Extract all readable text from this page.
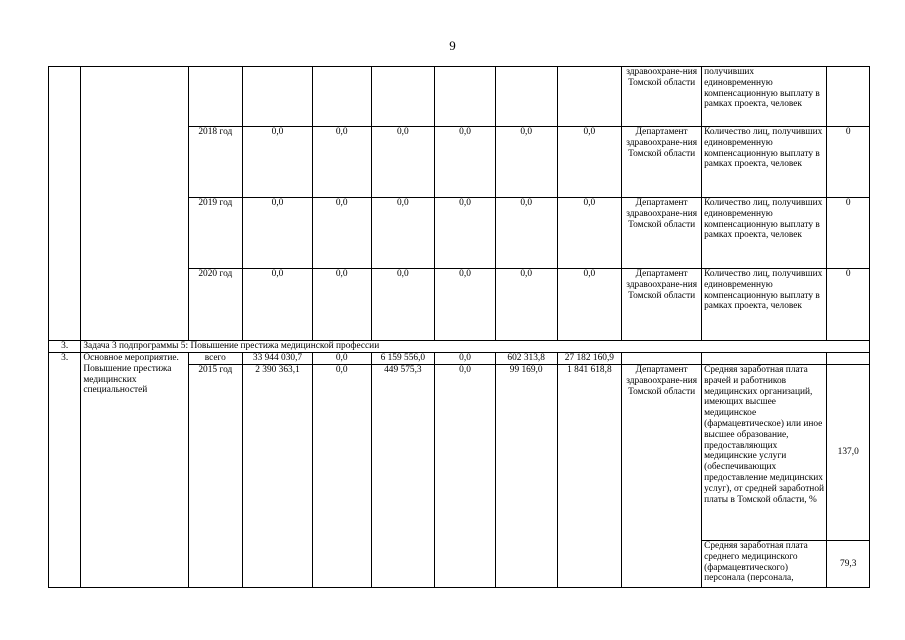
9
									здравоохране-ния Томской области	получивших единовременную компенсационную выплату в рамках проекта, человек	
		2018 год	0,0	0,0	0,0	0,0	0,0	0,0	Департамент здравоохране-ния Томской области	Количество лиц, получивших единовременную компенсационную выплату в рамках проекта, человек	0
		2019 год	0,0	0,0	0,0	0,0	0,0	0,0	Департамент здравоохране-ния Томской области	Количество лиц, получивших единовременную компенсационную выплату в рамках проекта, человек	0
		2020 год	0,0	0,0	0,0	0,0	0,0	0,0	Департамент здравоохране-ния Томской области	Количество лиц, получивших единовременную компенсационную выплату в рамках проекта, человек	0
3.	Задача 3 подпрограммы 5: Повышение престижа медицинской профессии										
3.	Основное мероприятие. Повышение престижа медицинских специальностей	всего	33 944 030,7	0,0	6 159 556,0	0,0	602 313,8	27 182 160,9			
		2015 год	2 390 363,1	0,0	449 575,3	0,0	99 169,0	1 841 618,8	Департамент здравоохране-ния Томской области	Средняя заработная плата врачей и работников медицинских организаций, имеющих высшее медицинское (фармацевтическое) или иное высшее образование, предоставляющих медицинские услуги (обеспечивающих предоставление медицинских услуг), от средней заработной платы в Томской области, %	137,0
										Средняя заработная плата среднего медицинского (фармацевтического) персонала (персонала,	79,3
